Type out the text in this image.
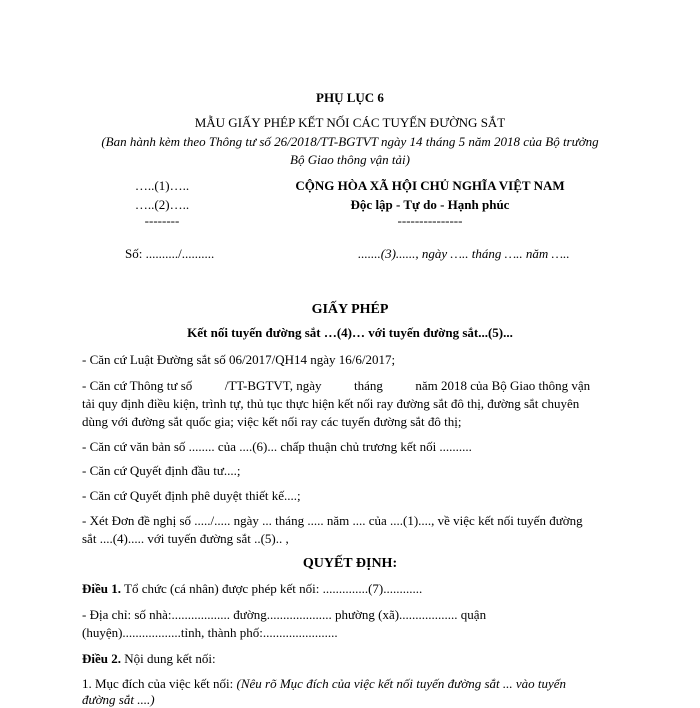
PHỤ LỤC 6
MẪU GIẤY PHÉP KẾT NỐI CÁC TUYẾN ĐƯỜNG SẮT
(Ban hành kèm theo Thông tư số 26/2018/TT-BGTVT ngày 14 tháng 5 năm 2018 của Bộ trưởng
Bộ Giao thông vận tải)
…..(1)…..
…..(2)…..
--------
CỘNG HÒA XÃ HỘI CHỦ NGHĨA VIỆT NAM
Độc lập - Tự do - Hạnh phúc
---------------
Số: ........../..........	.......(3)......, ngày ….. tháng ….. năm …..
GIẤY PHÉP
Kết nối tuyến đường sắt …(4)… với tuyến đường sắt...(5)...
- Căn cứ Luật Đường sắt số 06/2017/QH14 ngày 16/6/2017;
- Căn cứ Thông tư số          /TT-BGTVT, ngày          tháng          năm 2018 của Bộ Giao thông vận
tải quy định điều kiện, trình tự, thủ tục thực hiện kết nối ray đường sắt đô thị, đường sắt chuyên
dùng với đường sắt quốc gia; việc kết nối ray các tuyến đường sắt đô thị;
- Căn cứ văn bản số ........ của ....(6)... chấp thuận chủ trương kết nối ..........
- Căn cứ Quyết định đầu tư....;
- Căn cứ Quyết định phê duyệt thiết kế....;
- Xét Đơn đề nghị số ...../..... ngày ... tháng ..... năm .... của ....(1)...., về việc kết nối tuyến đường
sắt ....(4)..... với tuyến đường sắt ..(5).. ,
QUYẾT ĐỊNH:
Điều 1. Tổ chức (cá nhân) được phép kết nối: ..............(7)............
- Địa chỉ: số nhà:.................. đường.................... phường (xã).................. quận
(huyện)..................tỉnh, thành phố:.......................
Điều 2. Nội dung kết nối:
1. Mục đích của việc kết nối: (Nêu rõ Mục đích của việc kết nối tuyến đường sắt ... vào tuyến
đường sắt ....)
